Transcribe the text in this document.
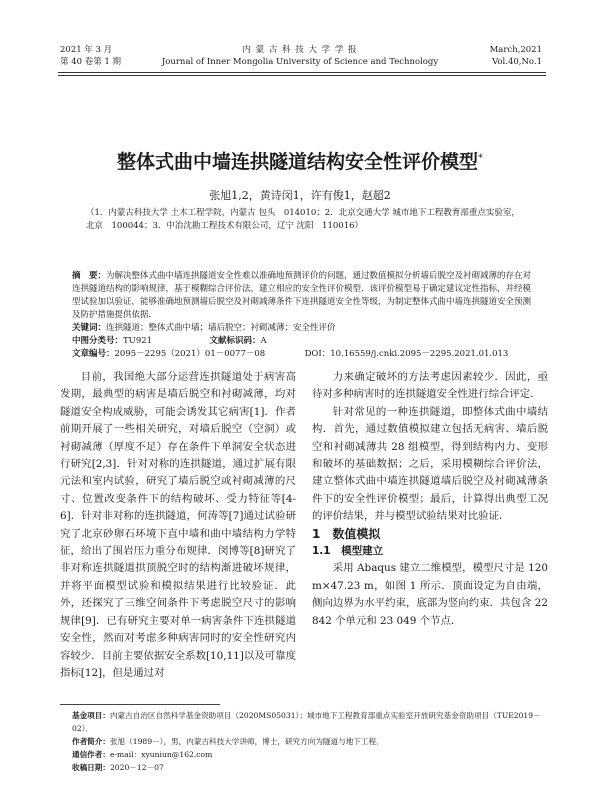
2021 年 3 月
第 40 卷第 1 期
内 蒙 古 科 技 大 学 学 报
Journal of Inner Mongolia University of Science and Technology
March,2021
Vol.40,No.1
整体式曲中墙连拱隧道结构安全性评价模型*
张旭1,2，黄诗闵1，许有俊1，赵超2
（1．内蒙古科技大学 土木工程学院，内蒙古 包头　014010；2．北京交通大学 城市地下工程教育部重点实验室，北京　100044；3．中冶沈勘工程技术有限公司，辽宁 沈阳　110016）
摘　要：为解决整体式曲中墙连拱隧道安全性难以准确地预测评价的问题，通过数值模拟分析墙后脱空及衬砌减薄的存在对连拱隧道结构的影响规律，基于模糊综合评价法，建立相应的安全性评价模型．该评价模型易于确定建议定性指标，并经模型试验加以验证，能够准确地预测墙后脱空及衬砌减薄条件下连拱隧道安全性等级，为制定整体式曲中墙连拱隧道安全预测及防护措施提供依据．
关键词：连拱隧道；整体式曲中墙；墙后脱空；衬砌减薄；安全性评价
中图分类号：TU921	文献标识码：A
文章编号：2095－2295（2021）01－0077－08	DOI：10.16559/j.cnki.2095－2295.2021.01.013

目前，我国绝大部分运营连拱隧道处于病害高发期，最典型的病害是墙后脱空和衬砌减薄，均对隧道安全构成威胁，可能会诱发其它病害[1]．作者前期开展了一些相关研究，对墙后脱空（空洞）或衬砌减薄（厚度不足）存在条件下单洞安全状态进行研究[2,3]．针对对称的连拱隧道，通过扩展有限元法和室内试验，研究了墙后脱空或衬砌减薄的尺寸、位置改变条件下的结构破坏、受力特征等[4-6]．针对非对称的连拱隧道，何涛等[7]通过试验研究了北京砂卵石环境下直中墙和曲中墙结构力学特征，给出了围岩压力重分布规律．闵博等[8]研究了非对称连拱隧道拱顶脱空时的结构渐进破坏规律，并将平面模型试验和模拟结果进行比较验证．此外，还探究了三维空间条件下考虑脱空尺寸的影响规律[9]．已有研究主要对单一病害条件下连拱隧道安全性，然而对考虑多种病害同时的安全性研究内容较少．目前主要依据安全系数[10,11]以及可靠度指标[12]，但是通过对

力来确定破坏的方法考虑因素较少．因此，亟待对多种病害时的连拱隧道安全性进行综合评定．

针对常见的一种连拱隧道，即整体式曲中墙结构．首先，通过数值模拟建立包括无病害、墙后脱空和衬砌减薄共 28 组模型，得到结构内力、变形和破坏的基础数据；之后，采用模糊综合评价法，建立整体式曲中墙连拱隧道墙后脱空及衬砌减薄条件下的安全性评价模型；最后，计算得出典型工况的评价结果，并与模型试验结果对比验证．

1　数值模拟

1.1　模型建立

采用 Abaqus 建立二维模型，模型尺寸是 120 m×47.23 m，如图 1 所示．顶面设定为自由端，侧向边界为水平约束，底部为竖向约束．共包含 22 842 个单元和 23 049 个节点．

基金项目：内蒙古自治区自然科学基金资助项目（2020MS05031）；城市地下工程教育部重点实验室开放研究基金资助项目（TUE2019－02）．
作者简介：张旭（1989－），男，内蒙古科技大学讲师，博士，研究方向为隧道与地下工程．
通信作者：e-mail：xyuniun@162.com
收稿日期：2020－12－07
